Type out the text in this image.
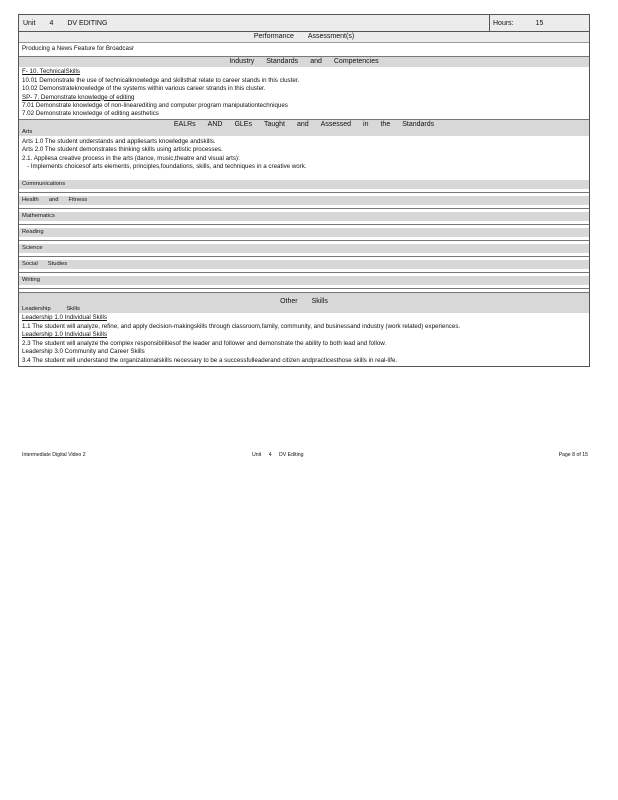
Unit 4 DV EDITING	Hours:	15
Performance Assessment(s)
Producing a News Feature for Broadcasr
Industry Standards and Competencies
F- 10. TechnicalSkills
10.01 Demonstrate the use of technicalknowledge and skillsthat relate to career stands in this cluster.
10.02 Demonstrateknowledge of the systems within various career strands in this cluster.
SP- 7. Demonstrate knowledge of editing
7.01 Demonstrate knowledge of non-linearediting and computer program manipulationtechniques
7.02 Demonstrate knowledge of editing aesthetics
EALRs AND GLEs Taught and Assessed in the Standards
Arts
Arts 1.0 The student understands and appliesarts knowledge andskills.
Arts 2.0 The student demonstrates thinking skills using artistic processes.
2.1. Appliesa creative process in the arts (dance, music,theatre and visual arts):
- Implements choicesof arts elements, principles,foundations, skills, and techniques in a creative work.
Communications
Health and Fitness
Mathematics
Reading
Science
Social Studies
Writing
Other Skills
Leadership	Skills
Leadership 1.0 Individual Skills
1.1 The student will analyze, refine, and apply decision-makingskills through classroom,family, community, and businessand industry (work related) experiences.
Leadership 1.0 Individual Skills
2.3 The student will analyze the complex responsibilitiesof the leader and follower and demonstrate the ability to both lead and follow.
Leadership 3.0 Community and Career Skills
3.4 The student will understand the organizationalskills necessary to be a successfulleaderand citizen andpracticesthose skills in real-life.
Intermediate Digital Video 2	Unit 4 DV Editing	Page 8 of 15
